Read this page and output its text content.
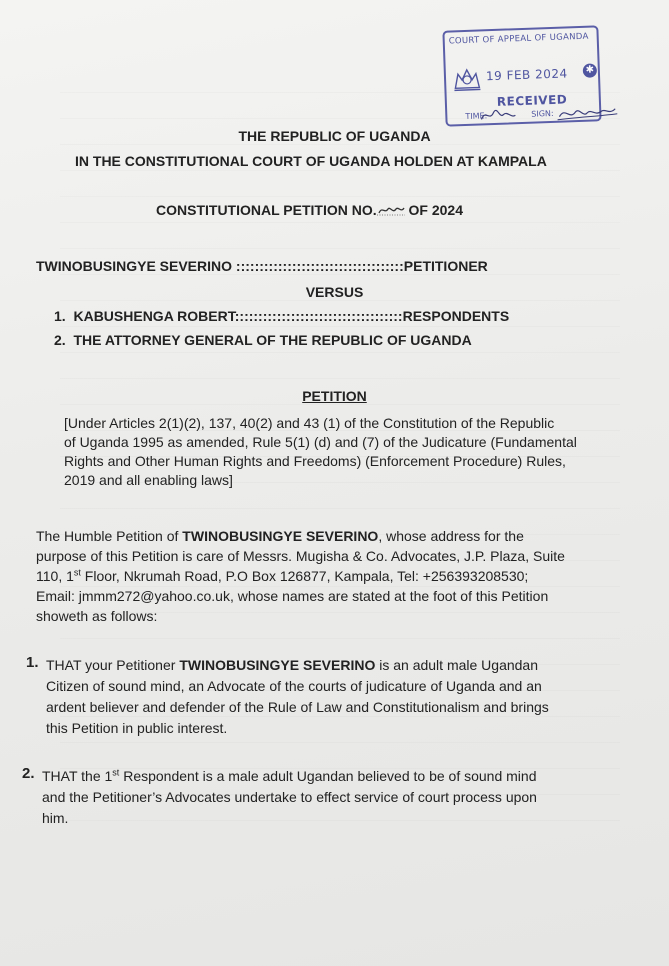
COURT OF APPEAL OF UGANDA
19 FEB 2024 ✱
RECEIVED
TIME:	SIGN:
THE REPUBLIC OF UGANDA
IN THE CONSTITUTIONAL COURT OF UGANDA HOLDEN AT KAMPALA
CONSTITUTIONAL PETITION NO. OF 2024
TWINOBUSINGYE SEVERINO ::::::::::::::::::::::::::::::::::::PETITIONER
VERSUS
1. KABUSHENGA ROBERT::::::::::::::::::::::::::::::::::::RESPONDENTS
2. THE ATTORNEY GENERAL OF THE REPUBLIC OF UGANDA
PETITION
[Under Articles 2(1)(2), 137, 40(2) and 43 (1) of the Constitution of the Republic
of Uganda 1995 as amended, Rule 5(1) (d) and (7) of the Judicature (Fundamental
Rights and Other Human Rights and Freedoms) (Enforcement Procedure) Rules,
2019 and all enabling laws]
The Humble Petition of TWINOBUSINGYE SEVERINO, whose address for the
purpose of this Petition is care of Messrs. Mugisha & Co. Advocates, J.P. Plaza, Suite
110, 1st Floor, Nkrumah Road, P.O Box 126877, Kampala, Tel: +256393208530;
Email: jmmm272@yahoo.co.uk, whose names are stated at the foot of this Petition
showeth as follows:
1. THAT your Petitioner TWINOBUSINGYE SEVERINO is an adult male Ugandan
Citizen of sound mind, an Advocate of the courts of judicature of Uganda and an
ardent believer and defender of the Rule of Law and Constitutionalism and brings
this Petition in public interest.
2. THAT the 1st Respondent is a male adult Ugandan believed to be of sound mind
and the Petitioner’s Advocates undertake to effect service of court process upon
him.
